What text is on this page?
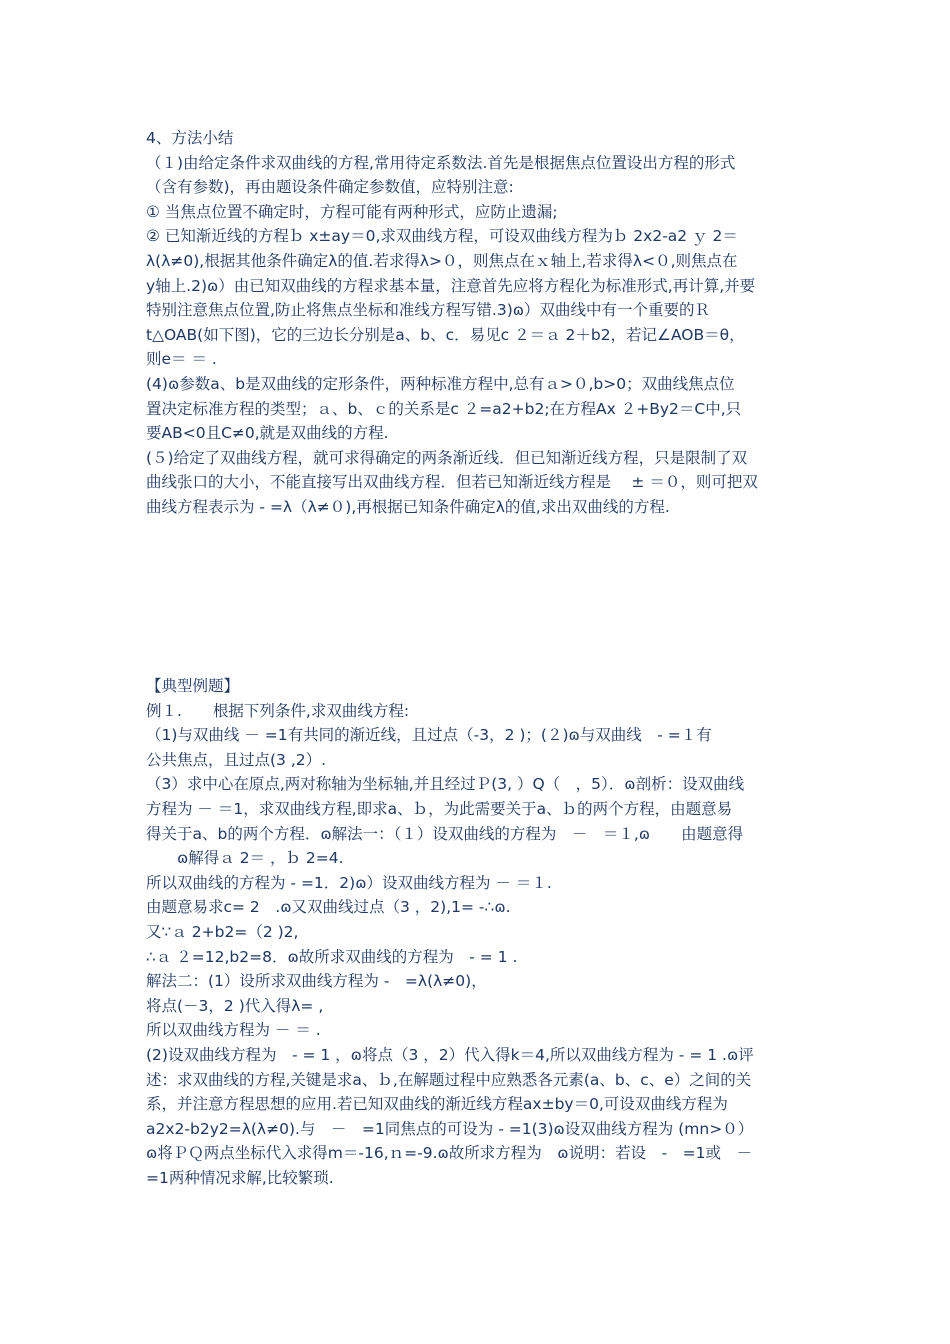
4、方法小结
（１)由给定条件求双曲线的方程,常用待定系数法.首先是根据焦点位置设出方程的形式
（含有参数)，再由题设条件确定参数值，应特别注意:
① 当焦点位置不确定时，方程可能有两种形式，应防止遗漏;
② 已知渐近线的方程ｂ x±ay＝0,求双曲线方程，可设双曲线方程为ｂ 2x2-a2 ｙ 2＝
λ(λ≠0),根据其他条件确定λ的值.若求得λ>０，则焦点在ｘ轴上,若求得λ<０,则焦点在
y轴上.2)ɷ）由已知双曲线的方程求基本量，注意首先应将方程化为标准形式,再计算,并要
特别注意焦点位置,防止将焦点坐标和准线方程写错.3)ɷ）双曲线中有一个重要的Ｒ
t△OAB(如下图)，它的三边长分别是a、b、c．易见c ２＝ａ 2＋b2，若记∠AOB＝θ，
则e＝ ＝ .
(4)ɷ参数a、b是双曲线的定形条件，两种标准方程中,总有ａ>０,b>0；双曲线焦点位
置决定标准方程的类型；ａ、b、ｃ的关系是c ２=a2+b2;在方程Ax ２+By2＝C中,只
要AB<0且C≠0,就是双曲线的方程.
(５)给定了双曲线方程，就可求得确定的两条渐近线．但已知渐近线方程，只是限制了双
曲线张口的大小，不能直接写出双曲线方程．但若已知渐近线方程是　 ± ＝０，则可把双
曲线方程表示为 - =λ（λ≠０),再根据已知条件确定λ的值,求出双曲线的方程.
【典型例题】
例１.　　根据下列条件,求双曲线方程:
（1)与双曲线 － =1有共同的渐近线，且过点（-3，2 )；(２)ɷ与双曲线　- =１有
公共焦点，且过点(3 ,2）.
（3）求中心在原点,两对称轴为坐标轴,并且经过Ｐ(3, ）Q（　，5）．ɷ剖析：设双曲线
方程为 － ＝1，求双曲线方程,即求a、ｂ，为此需要关于a、ｂ的两个方程，由题意易
得关于a、b的两个方程．ɷ解法一：（１）设双曲线的方程为　－　＝１,ɷ　　由题意得
　　ɷ解得ａ 2＝ ，ｂ 2=4.
所以双曲线的方程为 - =1．2)ɷ）设双曲线方程为 － ＝１.
由题意易求c= 2　.ɷ又双曲线过点（3 ，2),1= -∴ɷ.
又∵ａ 2+b2=（2 )2,
∴ａ ２=12,b2=8．ɷ故所求双曲线的方程为　- = 1 .
解法二：(1）设所求双曲线方程为 -　=λ(λ≠0)，
将点(－3，2 )代入得λ= ,
所以双曲线方程为 － ＝ .
(2)设双曲线方程为　- = 1 ，ɷ将点（3 ，2）代入得k＝4,所以双曲线方程为 - = 1 .ɷ评
述：求双曲线的方程,关键是求a、ｂ,在解题过程中应熟悉各元素(a、b、c、e）之间的关
系，并注意方程思想的应用.若已知双曲线的渐近线方程ax±by＝0,可设双曲线方程为
a2x2-b2y2=λ(λ≠0).与　－　=1同焦点的可设为 - =1(3)ɷ设双曲线方程为 (mn>０）
ɷ将ＰＱ两点坐标代入求得m＝-16,ｎ=-9.ɷ故所求方程为　ɷ说明：若设　-　=1或　－
=1两种情况求解,比较繁琐.
